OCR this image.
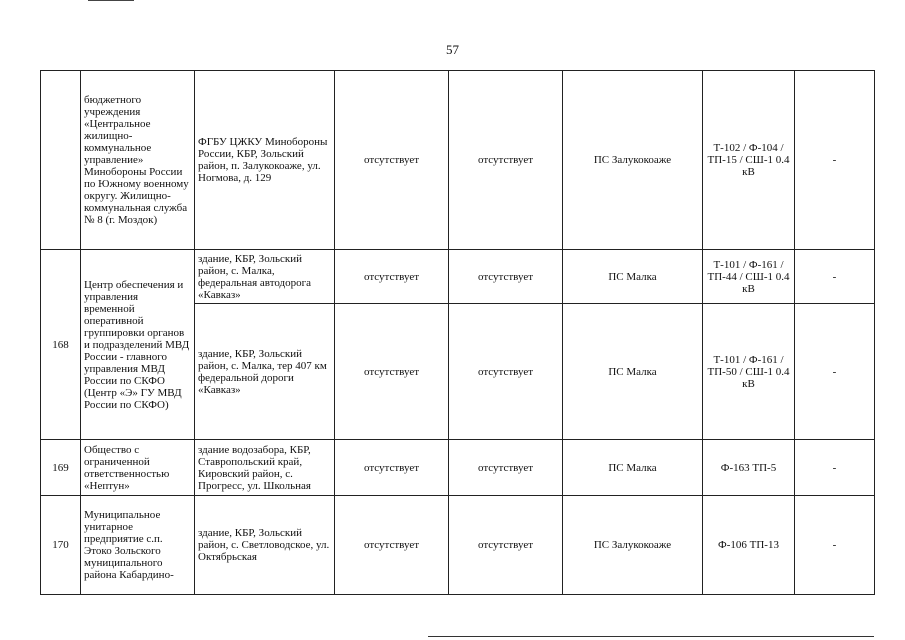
57
	бюджетного учреждения «Центральное жилищно-коммунальное управление» Минобороны России по Южному военному округу. Жилищно-коммунальная служба № 8 (г. Моздок)	ФГБУ ЦЖКУ Минобороны России, КБР, Зольский район, п. Залукокоаже, ул. Ногмова, д. 129	отсутствует	отсутствует	ПС Залукокоаже	Т-102 / Ф-104 / ТП-15 / СШ-1 0.4 кВ	-
168	Центр обеспечения и управления временной оперативной группировки органов и подразделений МВД России - главного управления МВД России по СКФО (Центр «Э» ГУ МВД России по СКФО)	здание, КБР, Зольский район, с. Малка, федеральная автодорога «Кавказ»	отсутствует	отсутствует	ПС Малка	Т-101 / Ф-161 / ТП-44 / СШ-1 0.4 кВ	-
		здание, КБР, Зольский район, с. Малка, тер 407 км федеральной дороги «Кавказ»	отсутствует	отсутствует	ПС Малка	Т-101 / Ф-161 / ТП-50 / СШ-1 0.4 кВ	-
169	Общество с ограниченной ответственностью «Нептун»	здание водозабора, КБР, Ставропольский край, Кировский район, с. Прогресс, ул. Школьная	отсутствует	отсутствует	ПС Малка	Ф-163 ТП-5	-
170	Муниципальное унитарное предприятие с.п. Этоко Зольского муниципального района Кабардино-	здание, КБР, Зольский район, с. Светловодское, ул. Октябрьская	отсутствует	отсутствует	ПС Залукокоаже	Ф-106 ТП-13	-
